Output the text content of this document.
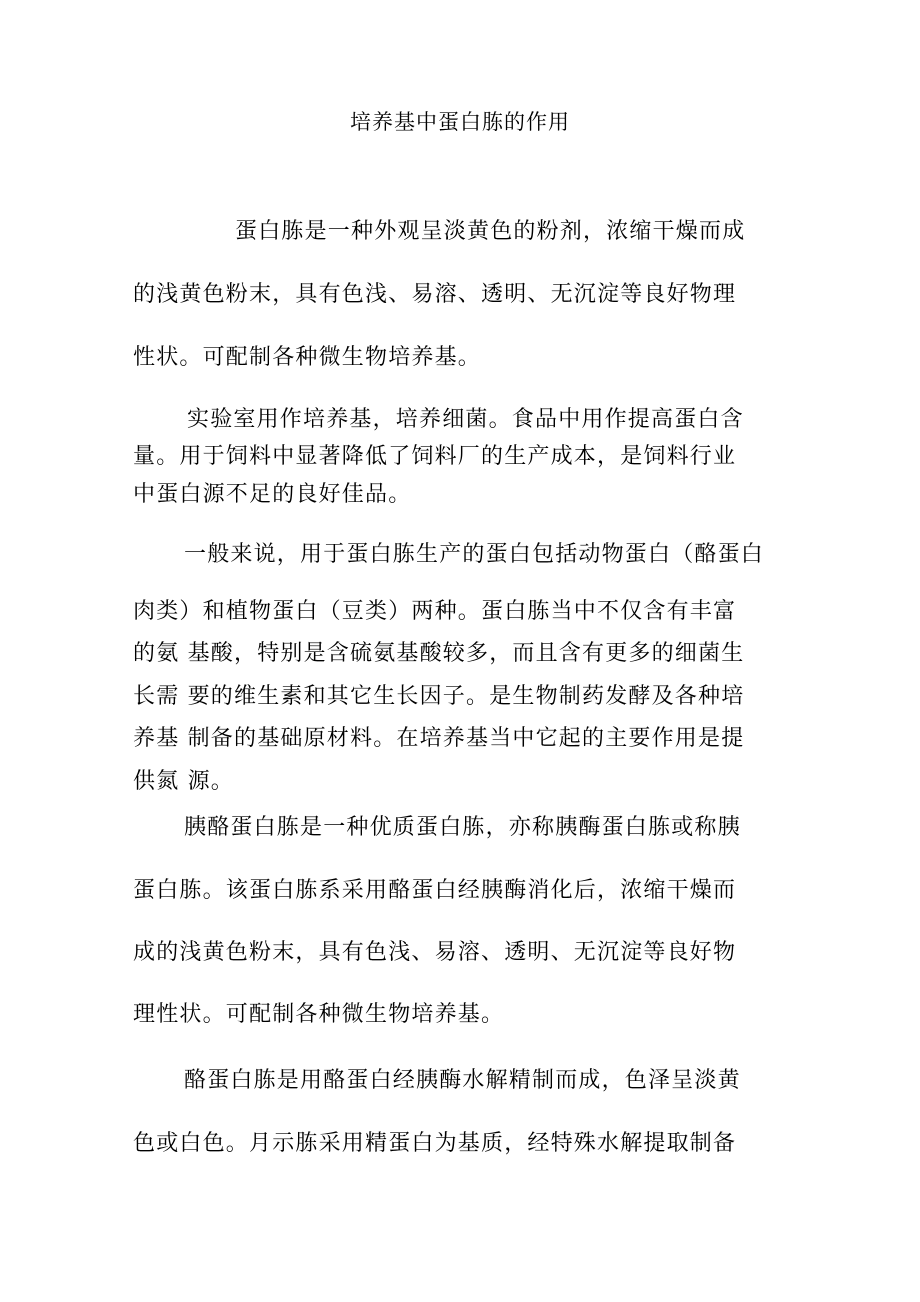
培养基中蛋白胨的作用
蛋白胨是一种外观呈淡黄色的粉剂，浓缩干燥而成
的浅黄色粉末，具有色浅、易溶、透明、无沉淀等良好物理
性状。可配制各种微生物培养基。
实验室用作培养基，培养细菌。食品中用作提高蛋白含
量。用于饲料中显著降低了饲料厂的生产成本，是饲料行业
中蛋白源不足的良好佳品。
一般来说，用于蛋白胨生产的蛋白包括动物蛋白（酪蛋白
肉类）和植物蛋白（豆类）两种。蛋白胨当中不仅含有丰富
的氨 基酸，特别是含硫氨基酸较多，而且含有更多的细菌生
长需 要的维生素和其它生长因子。是生物制药发酵及各种培
养基 制备的基础原材料。在培养基当中它起的主要作用是提
供氮 源。
胰酪蛋白胨是一种优质蛋白胨，亦称胰酶蛋白胨或称胰
蛋白胨。该蛋白胨系采用酪蛋白经胰酶消化后，浓缩干燥而
成的浅黄色粉末，具有色浅、易溶、透明、无沉淀等良好物
理性状。可配制各种微生物培养基。
酪蛋白胨是用酪蛋白经胰酶水解精制而成，色泽呈淡黄
色或白色。月示胨采用精蛋白为基质，经特殊水解提取制备
